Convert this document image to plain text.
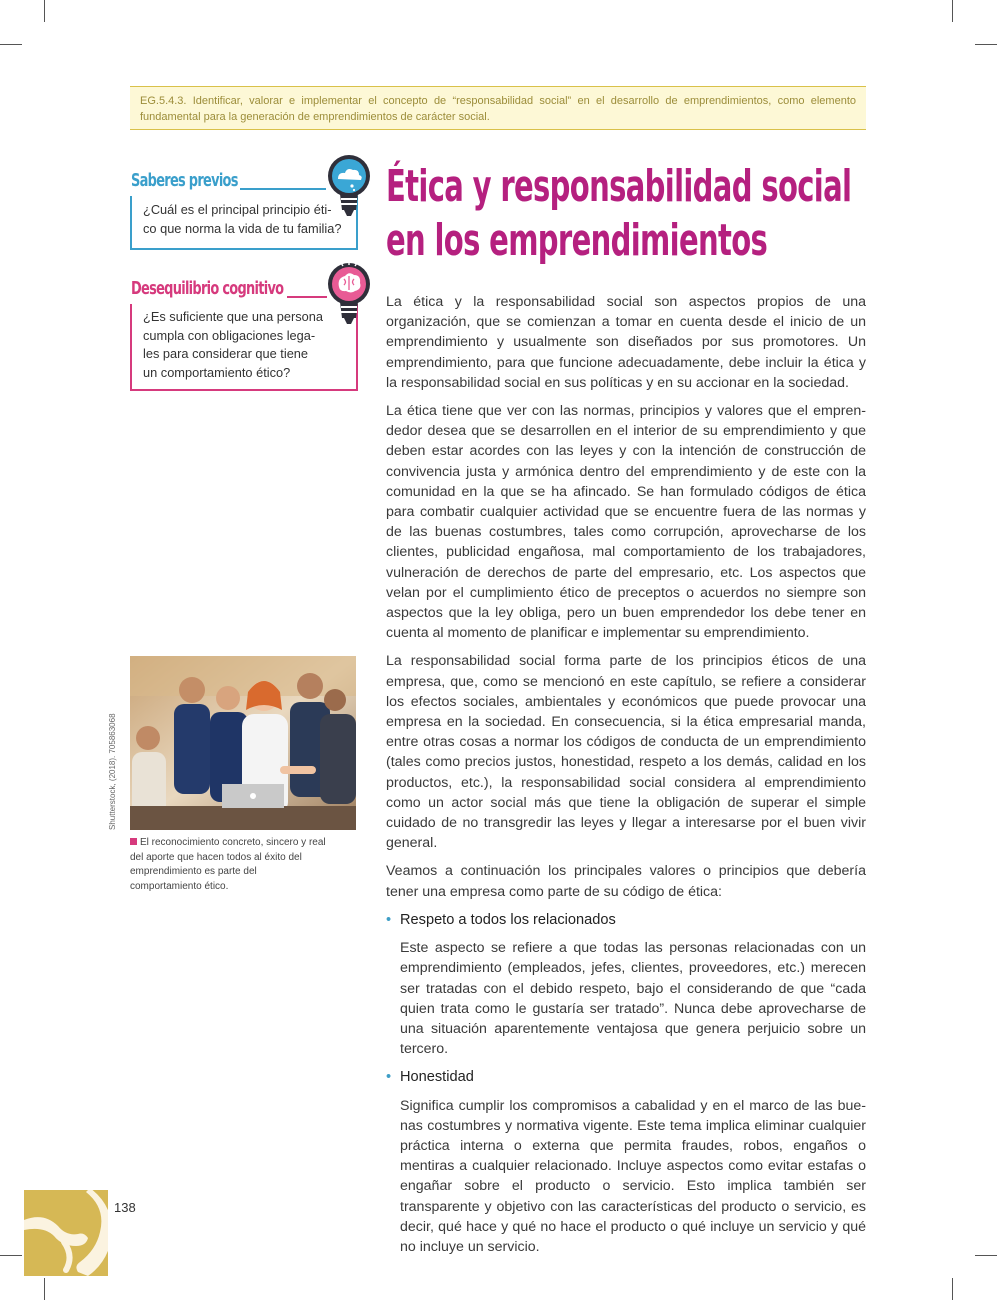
EG.5.4.3. Identificar, valorar e implementar el concepto de “responsabilidad social” en el desarrollo de emprendimientos, como elemento fundamental para la generación de emprendimientos de carácter social.
Saberes previos
¿Cuál es el principal principio éti-
co que norma la vida de tu familia?
Desequilibrio cognitivo
¿Es suficiente que una persona
cumpla con obligaciones lega-
les para considerar que tiene
un comportamiento ético?
Ética y responsabilidad social
en los emprendimientos

La ética y la responsabilidad social son aspectos propios de una organización, que se comienzan a tomar en cuenta desde el inicio de un emprendimiento y usualmente son diseñados por sus promotores. Un emprendimiento, para que funcione adecuadamente, debe incluir la ética y la responsabilidad social en sus políticas y en su accionar en la sociedad.

La ética tiene que ver con las normas, principios y valores que el emprendedor desea que se desarrollen en el interior de su emprendimiento y que deben estar acordes con las leyes y con la intención de construcción de convivencia justa y armónica dentro del emprendimiento y de este con la comunidad en la que se ha afincado. Se han formulado códigos de ética para combatir cualquier actividad que se encuentre fuera de las normas y de las buenas costumbres, tales como corrupción, aprovecharse de los clientes, publicidad engañosa, mal comportamiento de los trabajadores, vulneración de derechos de parte del empresario, etc. Los aspectos que velan por el cumplimiento ético de preceptos o acuerdos no siempre son aspectos que la ley obliga, pero un buen emprendedor los debe tener en cuenta al momento de planificar e implementar su emprendimiento.

La responsabilidad social forma parte de los principios éticos de una empresa, que, como se mencionó en este capítulo, se refiere a considerar los efectos sociales, ambientales y económicos que puede provocar una empresa en la sociedad. En consecuencia, si la ética empresarial manda, entre otras cosas a normar los códigos de conducta de un emprendimiento (tales como precios justos, honestidad, respeto a los demás, calidad en los productos, etc.), la responsabilidad social considera al emprendimiento como un actor social más que tiene la obligación de superar el simple cuidado de no transgredir las leyes y llegar a interesarse por el buen vivir general.

Veamos a continuación los principales valores o principios que debería tener una empresa como parte de su código de ética:

• Respeto a todos los relacionados

Este aspecto se refiere a que todas las personas relacionadas con un emprendimiento (empleados, jefes, clientes, proveedores, etc.) merecen ser tratadas con el debido respeto, bajo el considerando de que “cada quien trata como le gustaría ser tratado”. Nunca debe aprovecharse de una situación aparentemente ventajosa que genera perjuicio sobre un tercero.

• Honestidad

Significa cumplir los compromisos a cabalidad y en el marco de las buenas costumbres y normativa vigente. Este tema implica eliminar cualquier práctica interna o externa que permita fraudes, robos, engaños o mentiras a cualquier relacionado. Incluye aspectos como evitar estafas o engañar sobre el producto o servicio. Esto implica también ser transparente y objetivo con las características del producto o servicio, es decir, qué hace y qué no hace el producto o qué incluye un servicio y qué no incluye un servicio.

Shutterstock, (2018). 705863068
El reconocimiento concreto, sincero y real del aporte que hacen todos al éxito del emprendimiento es parte del comportamiento ético.
138
